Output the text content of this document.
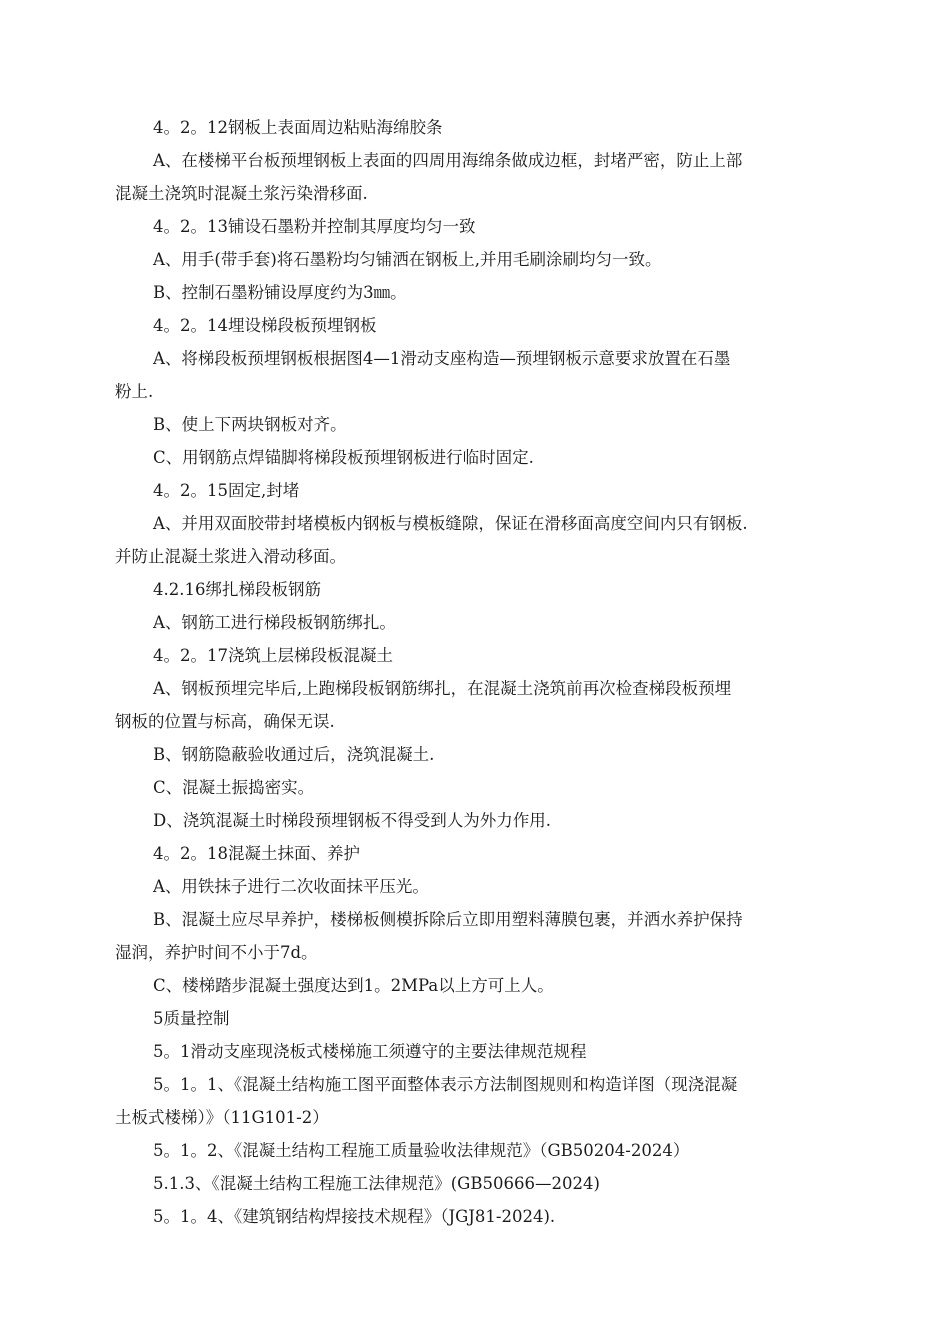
4。2。12钢板上表面周边粘贴海绵胶条
A、在楼梯平台板预埋钢板上表面的四周用海绵条做成边框，封堵严密，防止上部
混凝土浇筑时混凝土浆污染滑移面.
4。2。13铺设石墨粉并控制其厚度均匀一致
A、用手(带手套)将石墨粉均匀铺洒在钢板上,并用毛刷涂刷均匀一致。
B、控制石墨粉铺设厚度约为3㎜。
4。2。14埋设梯段板预埋钢板
A、将梯段板预埋钢板根据图4—1滑动支座构造—预埋钢板示意要求放置在石墨
粉上.
B、使上下两块钢板对齐。
C、用钢筋点焊锚脚将梯段板预埋钢板进行临时固定.
4。2。15固定,封堵
A、并用双面胶带封堵模板内钢板与模板缝隙，保证在滑移面高度空间内只有钢板.
并防止混凝土浆进入滑动移面。
4.2.16绑扎梯段板钢筋
A、钢筋工进行梯段板钢筋绑扎。
4。2。17浇筑上层梯段板混凝土
A、钢板预埋完毕后,上跑梯段板钢筋绑扎，在混凝土浇筑前再次检查梯段板预埋
钢板的位置与标高，确保无误.
B、钢筋隐蔽验收通过后，浇筑混凝土.
C、混凝土振捣密实。
D、浇筑混凝土时梯段预埋钢板不得受到人为外力作用.
4。2。18混凝土抹面、养护
A、用铁抹子进行二次收面抹平压光。
B、混凝土应尽早养护，楼梯板侧模拆除后立即用塑料薄膜包裹，并洒水养护保持
湿润，养护时间不小于7d。
C、楼梯踏步混凝土强度达到1。2MPa以上方可上人。
5质量控制
5。1滑动支座现浇板式楼梯施工须遵守的主要法律规范规程
5。1。1、《混凝土结构施工图平面整体表示方法制图规则和构造详图（现浇混凝
土板式楼梯）》（11G101-2）
5。1。2、《混凝土结构工程施工质量验收法律规范》（GB50204-2024）
5.1.3、《混凝土结构工程施工法律规范》(GB50666—2024)
5。1。4、《建筑钢结构焊接技术规程》（JGJ81-2024).
